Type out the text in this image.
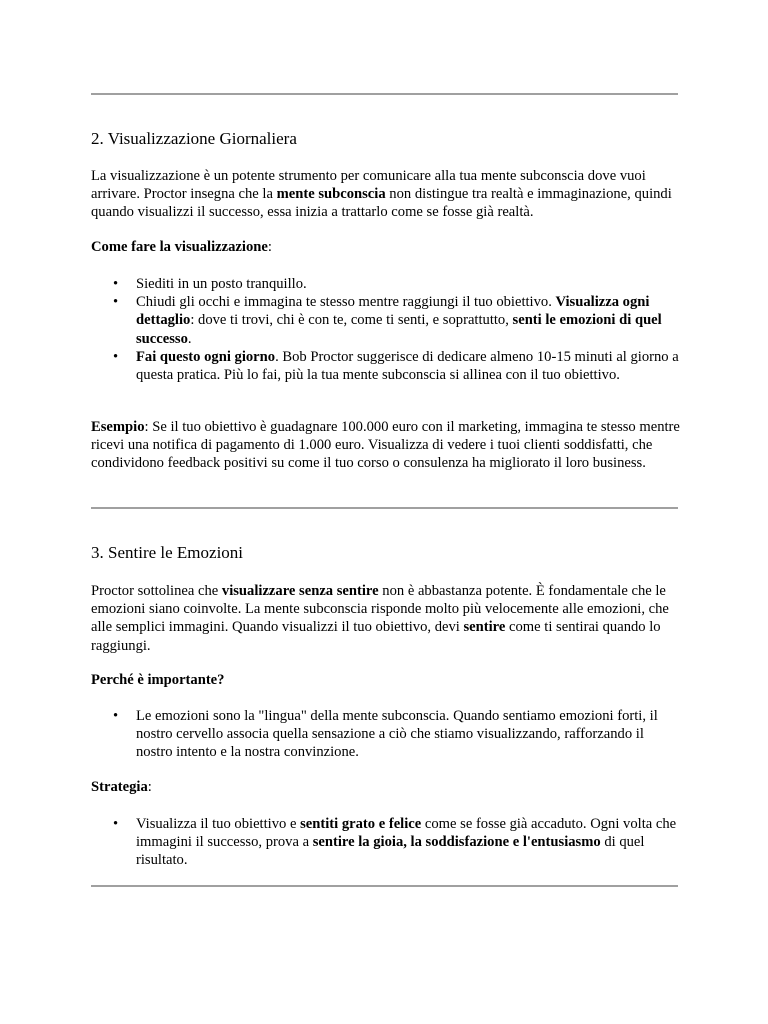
2. Visualizzazione Giornaliera

La visualizzazione è un potente strumento per comunicare alla tua mente subconscia dove vuoi arrivare. Proctor insegna che la mente subconscia non distingue tra realtà e immaginazione, quindi quando visualizzi il successo, essa inizia a trattarlo come se fosse già realtà.

Come fare la visualizzazione:

• Siediti in un posto tranquillo.
• Chiudi gli occhi e immagina te stesso mentre raggiungi il tuo obiettivo. Visualizza ogni dettaglio: dove ti trovi, chi è con te, come ti senti, e soprattutto, senti le emozioni di quel successo.
• Fai questo ogni giorno. Bob Proctor suggerisce di dedicare almeno 10-15 minuti al giorno a questa pratica. Più lo fai, più la tua mente subconscia si allinea con il tuo obiettivo.

Esempio: Se il tuo obiettivo è guadagnare 100.000 euro con il marketing, immagina te stesso mentre ricevi una notifica di pagamento di 1.000 euro. Visualizza di vedere i tuoi clienti soddisfatti, che condividono feedback positivi su come il tuo corso o consulenza ha migliorato il loro business.

3. Sentire le Emozioni

Proctor sottolinea che visualizzare senza sentire non è abbastanza potente. È fondamentale che le emozioni siano coinvolte. La mente subconscia risponde molto più velocemente alle emozioni, che alle semplici immagini. Quando visualizzi il tuo obiettivo, devi sentire come ti sentirai quando lo raggiungi.

Perché è importante?

• Le emozioni sono la "lingua" della mente subconscia. Quando sentiamo emozioni forti, il nostro cervello associa quella sensazione a ciò che stiamo visualizzando, rafforzando il nostro intento e la nostra convinzione.

Strategia:

• Visualizza il tuo obiettivo e sentiti grato e felice come se fosse già accaduto. Ogni volta che immagini il successo, prova a sentire la gioia, la soddisfazione e l'entusiasmo di quel risultato.
